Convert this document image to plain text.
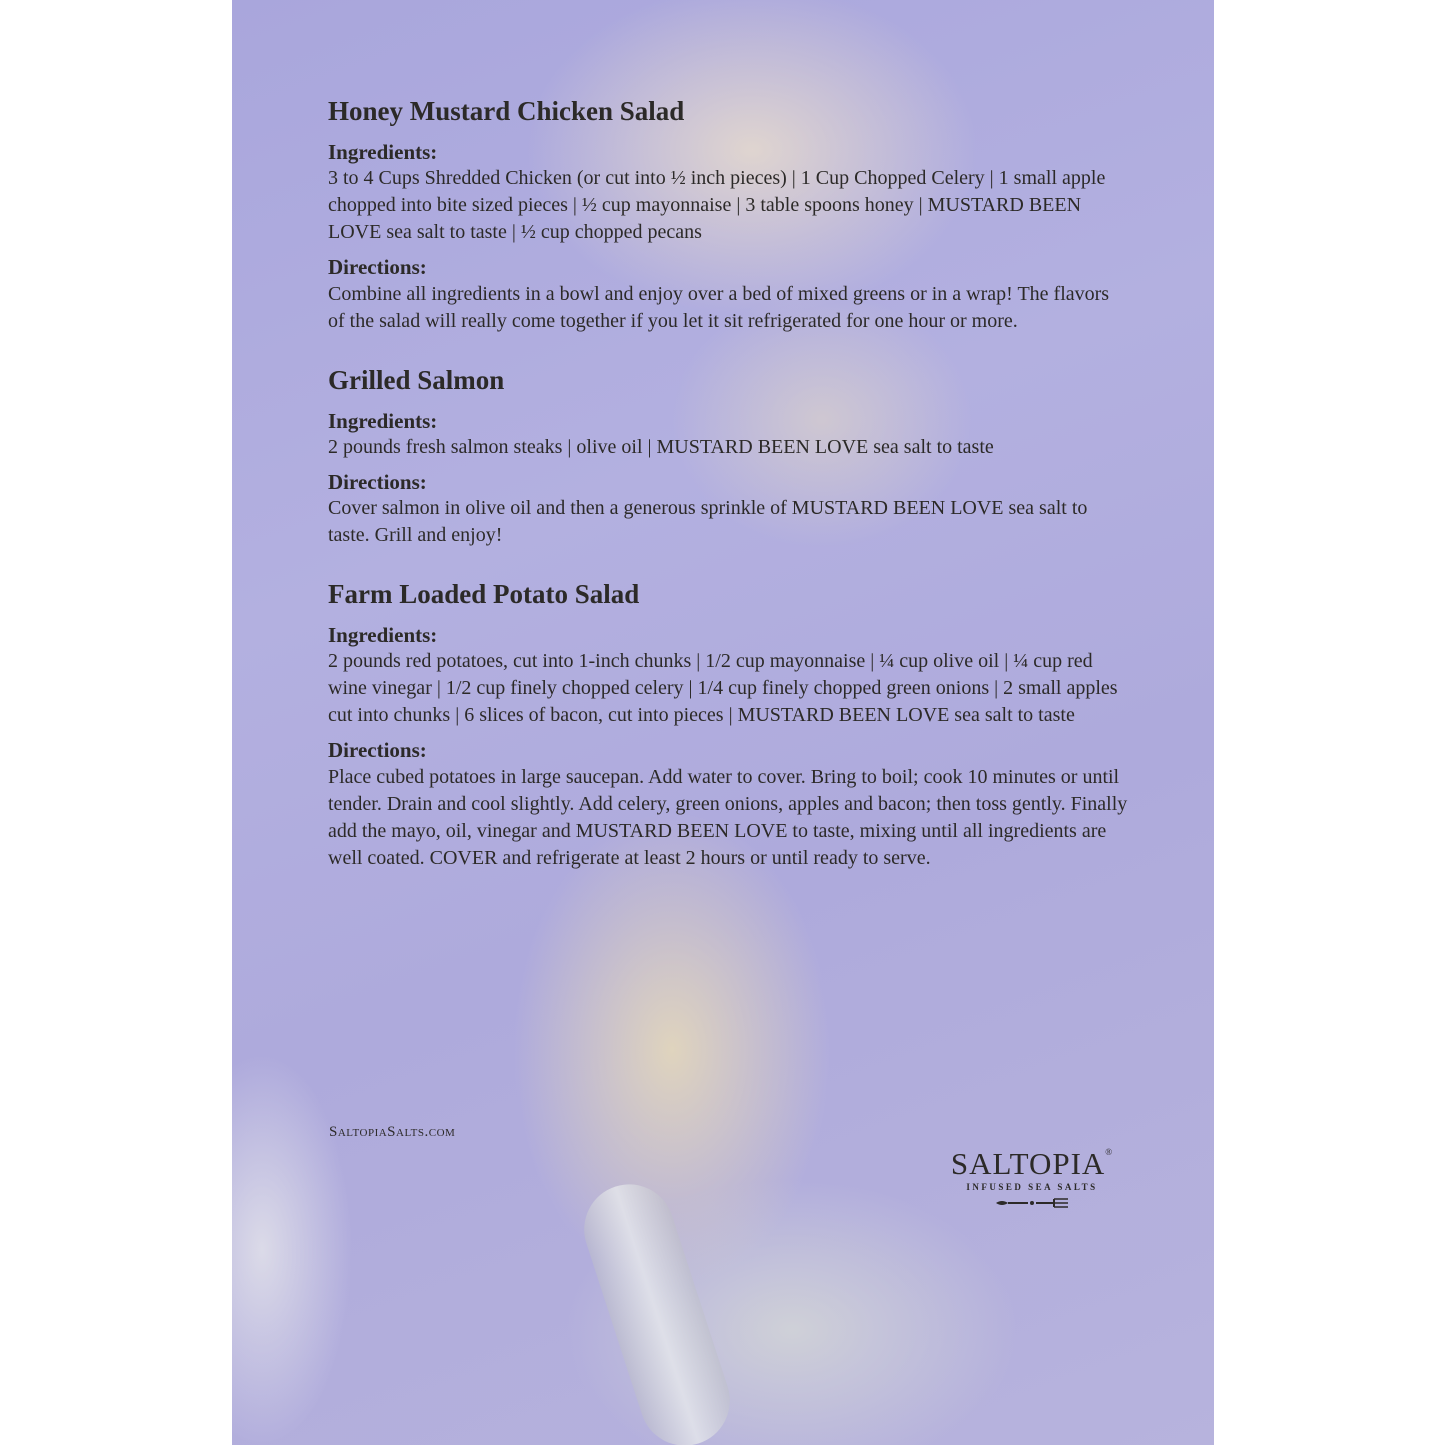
Honey Mustard Chicken Salad

Ingredients:

3 to 4 Cups Shredded Chicken (or cut into ½ inch pieces) | 1 Cup Chopped Celery | 1 small apple chopped into bite sized pieces | ½ cup mayonnaise | 3 table spoons honey | MUSTARD BEEN LOVE sea salt to taste | ½ cup chopped pecans

Directions:

Combine all ingredients in a bowl and enjoy over a bed of mixed greens or in a wrap! The flavors of the salad will really come together if you let it sit refrigerated for one hour or more.

Grilled Salmon

Ingredients:

2 pounds fresh salmon steaks | olive oil | MUSTARD BEEN LOVE sea salt to taste

Directions:

Cover salmon in olive oil and then a generous sprinkle of MUSTARD BEEN LOVE sea salt to taste. Grill and enjoy!

Farm Loaded Potato Salad

Ingredients:

2 pounds red potatoes, cut into 1-inch chunks | 1/2 cup mayonnaise | ¼ cup olive oil | ¼ cup red wine vinegar | 1/2 cup finely chopped celery | 1/4 cup finely chopped green onions | 2 small apples cut into chunks | 6 slices of bacon, cut into pieces | MUSTARD BEEN LOVE sea salt to taste

Directions:

Place cubed potatoes in large saucepan. Add water to cover. Bring to boil; cook 10 minutes or until tender. Drain and cool slightly. Add celery, green onions, apples and bacon; then toss gently. Finally add the mayo, oil, vinegar and MUSTARD BEEN LOVE to taste, mixing until all ingredients are well coated. COVER and refrigerate at least 2 hours or until ready to serve.

SaltopiaSalts.com
SALTOPIA®
INFUSED SEA SALTS
